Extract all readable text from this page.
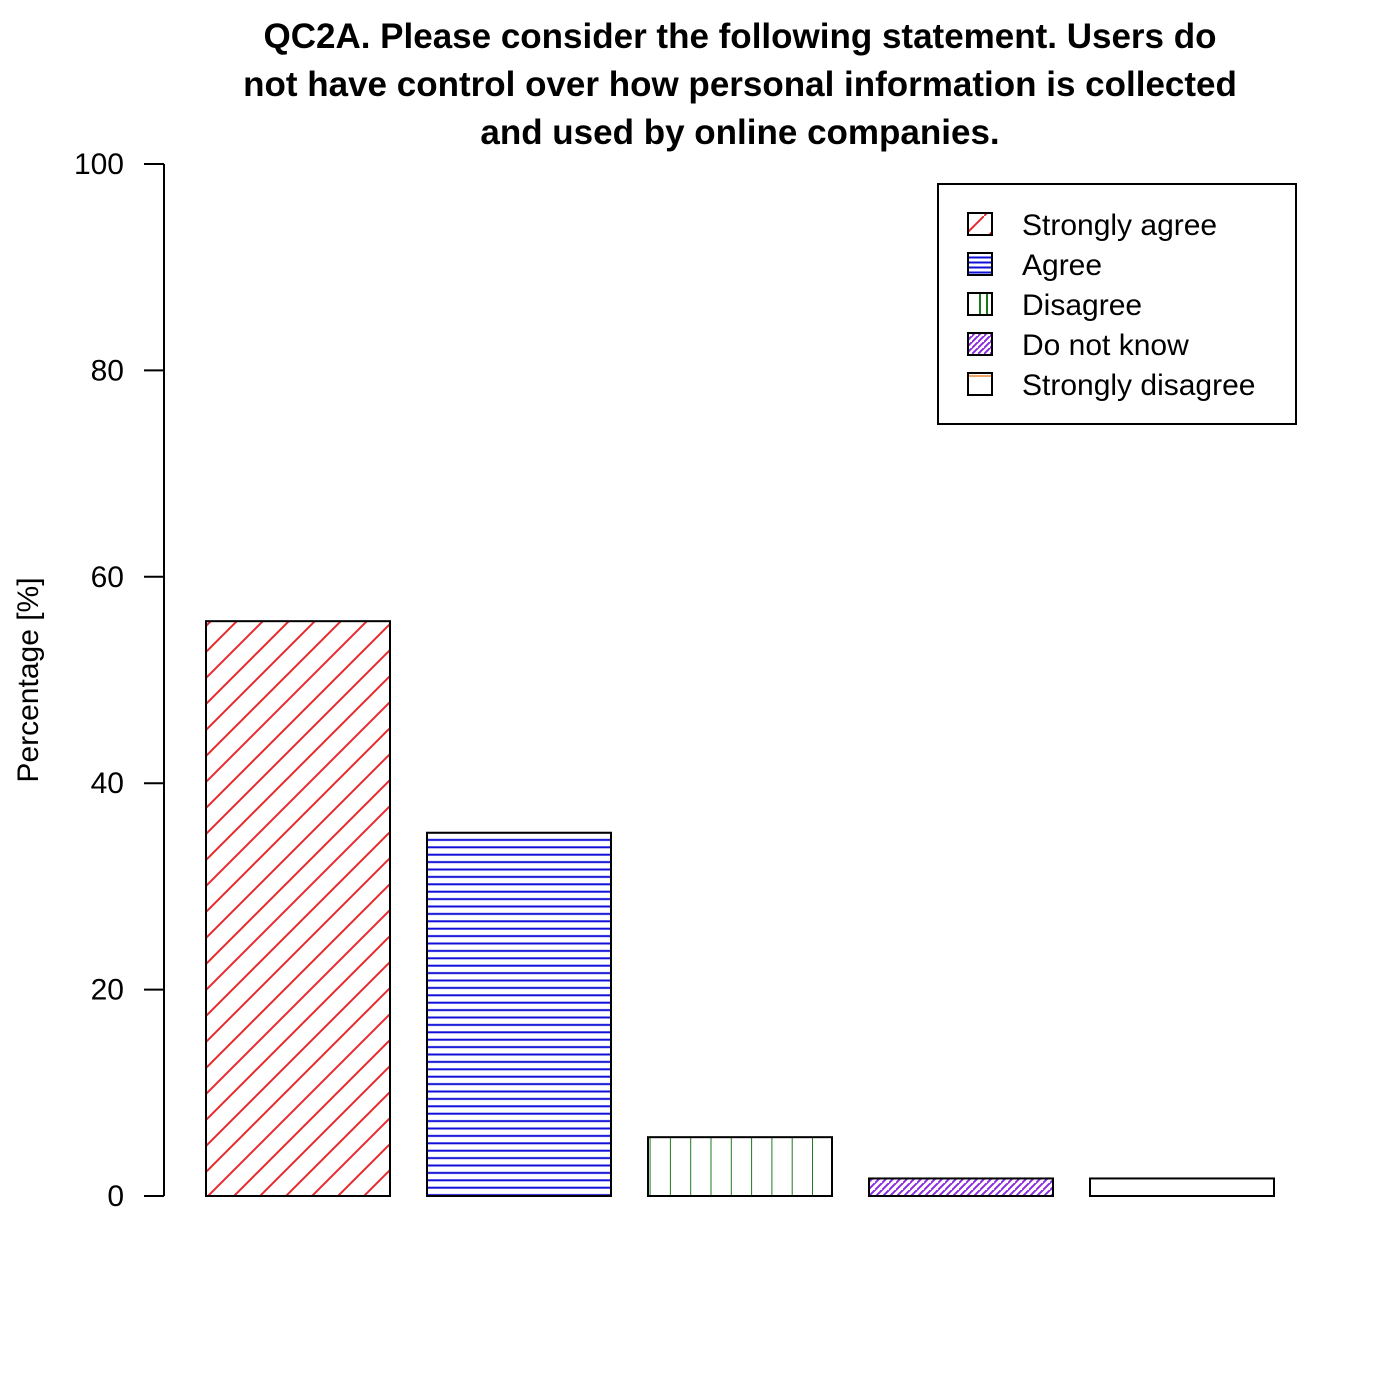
QC2A. Please consider the following statement. Users do
not have control over how personal information is collected
and used by online companies.
Percentage [%]
0
20
40
60
80
100
Strongly agree
Agree
Disagree
Do not know
Strongly disagree
